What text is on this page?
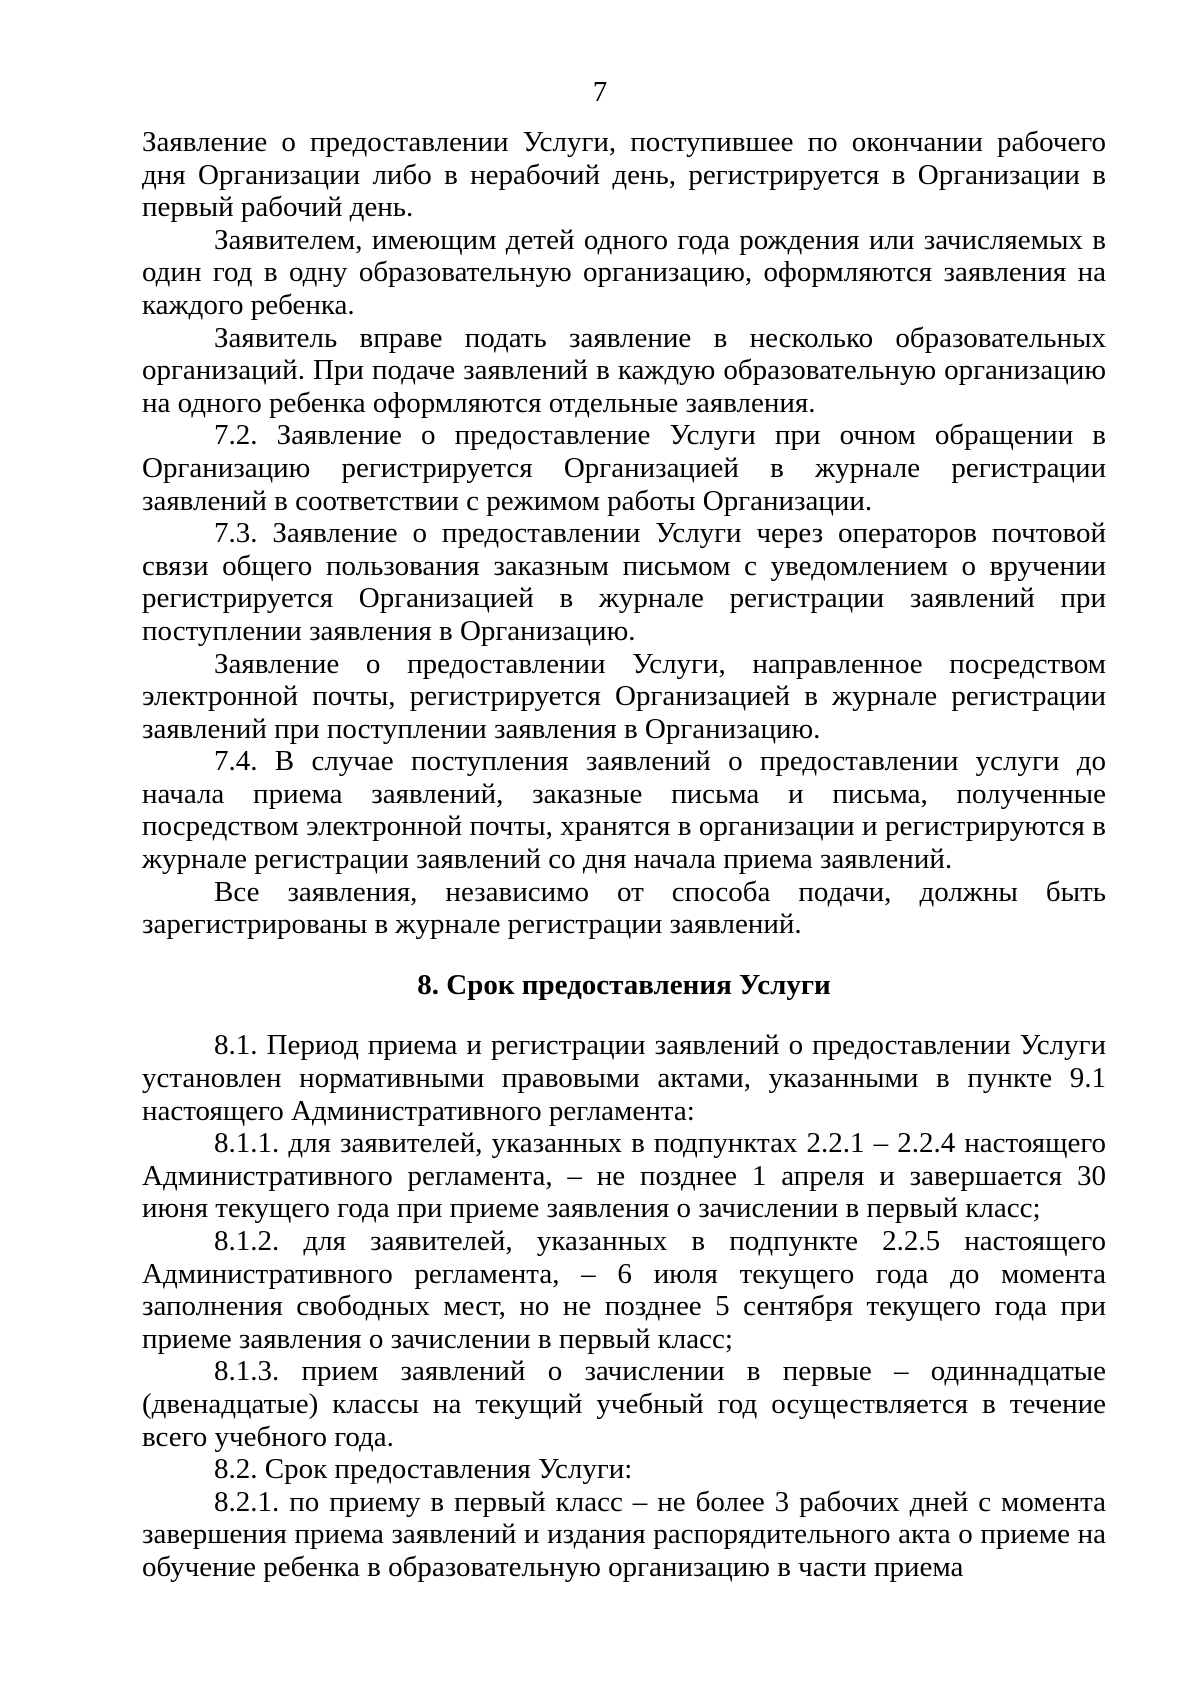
7

Заявление о предоставлении Услуги, поступившее по окончании рабочего дня Организации либо в нерабочий день, регистрируется в Организации в первый рабочий день.

Заявителем, имеющим детей одного года рождения или зачисляемых в один год в одну образовательную организацию, оформляются заявления на каждого ребенка.

Заявитель вправе подать заявление в несколько образовательных организаций. При подаче заявлений в каждую образовательную организацию на одного ребенка оформляются отдельные заявления.

7.2. Заявление о предоставление Услуги при очном обращении в Организацию регистрируется Организацией в журнале регистрации заявлений в соответствии с режимом работы Организации.

7.3. Заявление о предоставлении Услуги через операторов почтовой связи общего пользования заказным письмом с уведомлением о вручении регистрируется Организацией в журнале регистрации заявлений при поступлении заявления в Организацию.

Заявление о предоставлении Услуги, направленное посредством электронной почты, регистрируется Организацией в журнале регистрации заявлений при поступлении заявления в Организацию.

7.4. В случае поступления заявлений о предоставлении услуги до начала приема заявлений, заказные письма и письма, полученные посредством электронной почты, хранятся в организации и регистрируются в журнале регистрации заявлений со дня начала приема заявлений.

Все заявления, независимо от способа подачи, должны быть зарегистрированы в журнале регистрации заявлений.

8. Срок предоставления Услуги

8.1. Период приема и регистрации заявлений о предоставлении Услуги установлен нормативными правовыми актами, указанными в пункте 9.1 настоящего Административного регламента:

8.1.1. для заявителей, указанных в подпунктах 2.2.1 – 2.2.4 настоящего Административного регламента, – не позднее 1 апреля и завершается 30 июня текущего года при приеме заявления о зачислении в первый класс;

8.1.2. для заявителей, указанных в подпункте 2.2.5 настоящего Административного регламента, – 6 июля текущего года до момента заполнения свободных мест, но не позднее 5 сентября текущего года при приеме заявления о зачислении в первый класс;

8.1.3. прием заявлений о зачислении в первые – одиннадцатые (двенадцатые) классы на текущий учебный год осуществляется в течение всего учебного года.

8.2. Срок предоставления Услуги:

8.2.1. по приему в первый класс – не более 3 рабочих дней с момента завершения приема заявлений и издания распорядительного акта о приеме на обучение ребенка в образовательную организацию в части приема
